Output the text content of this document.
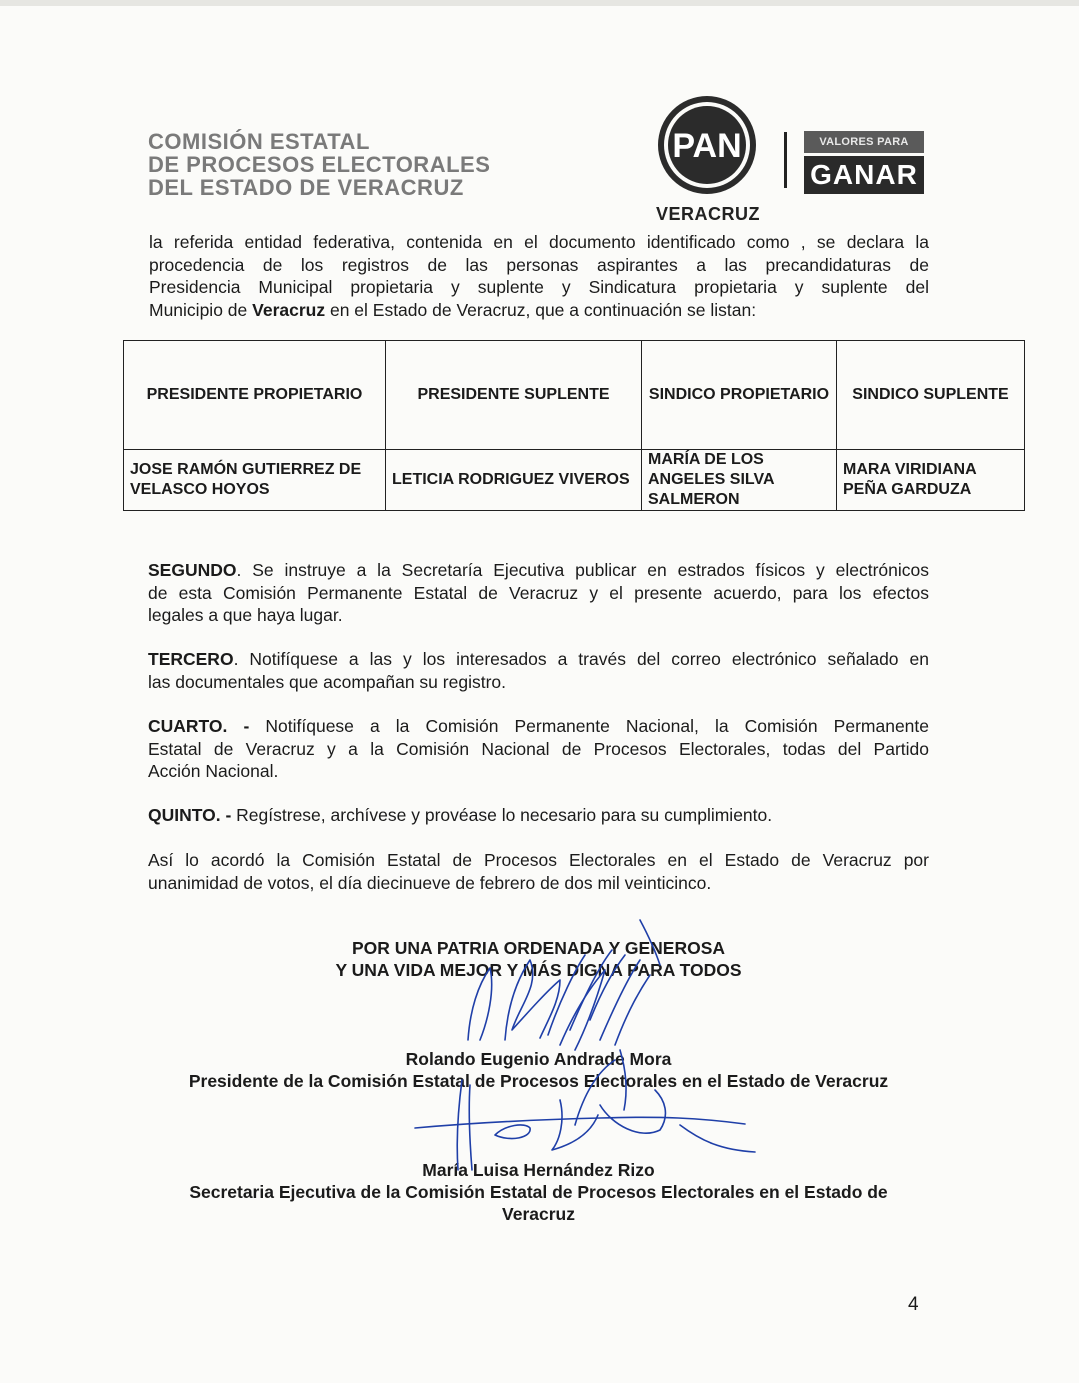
COMISIÓN ESTATAL
DE PROCESOS ELECTORALES
DEL ESTADO DE VERACRUZ
PAN	VALORES PARA
GANAR
VERACRUZ
la referida entidad federativa, contenida en el documento identificado como , se declara la
procedencia de los registros de las personas aspirantes a las precandidaturas de
Presidencia Municipal propietaria y suplente y Sindicatura propietaria y suplente del
Municipio de Veracruz en el Estado de Veracruz, que a continuación se listan:
PRESIDENTE PROPIETARIO	PRESIDENTE SUPLENTE	SINDICO PROPIETARIO	SINDICO SUPLENTE
JOSE RAMÓN GUTIERREZ DE VELASCO HOYOS	LETICIA RODRIGUEZ VIVEROS	MARÍA DE LOS ANGELES SILVA SALMERON	MARA VIRIDIANA PEÑA GARDUZA
SEGUNDO. Se instruye a la Secretaría Ejecutiva publicar en estrados físicos y electrónicos
de esta Comisión Permanente Estatal de Veracruz y el presente acuerdo, para los efectos
legales a que haya lugar.
TERCERO. Notifíquese a las y los interesados a través del correo electrónico señalado en
las documentales que acompañan su registro.
CUARTO. - Notifíquese a la Comisión Permanente Nacional, la Comisión Permanente
Estatal de Veracruz y a la Comisión Nacional de Procesos Electorales, todas del Partido
Acción Nacional.
QUINTO. - Regístrese, archívese y provéase lo necesario para su cumplimiento.
Así lo acordó la Comisión Estatal de Procesos Electorales en el Estado de Veracruz por
unanimidad de votos, el día diecinueve de febrero de dos mil veinticinco.
POR UNA PATRIA ORDENADA Y GENEROSA
Y UNA VIDA MEJOR Y MÁS DIGNA PARA TODOS
Rolando Eugenio Andrade Mora
Presidente de la Comisión Estatal de Procesos Electorales en el Estado de Veracruz
María Luisa Hernández Rizo
Secretaria Ejecutiva de la Comisión Estatal de Procesos Electorales en el Estado de
Veracruz
4
